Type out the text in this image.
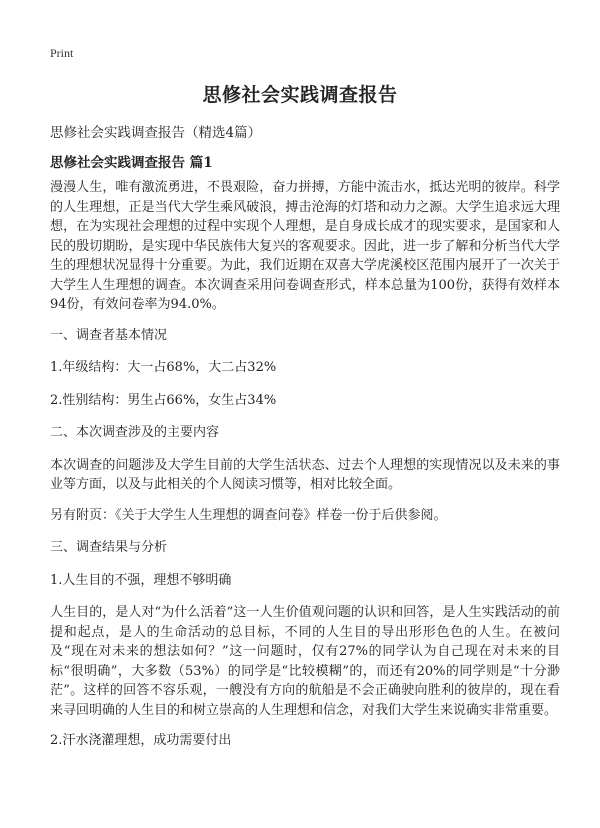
Print
思修社会实践调查报告
思修社会实践调查报告（精选4篇）
思修社会实践调查报告 篇1

漫漫人生，唯有激流勇进，不畏艰险，奋力拼搏，方能中流击水，抵达光明的彼岸。科学的人生理想，正是当代大学生乘风破浪，搏击沧海的灯塔和动力之源。大学生追求远大理想，在为实现社会理想的过程中实现个人理想，是自身成长成才的现实要求，是国家和人民的殷切期盼，是实现中华民族伟大复兴的客观要求。因此，进一步了解和分析当代大学生的理想状况显得十分重要。为此，我们近期在双喜大学虎溪校区范围内展开了一次关于大学生人生理想的调查。本次调查采用问卷调查形式，样本总量为100份，获得有效样本94份，有效问卷率为94.0%。

一、调查者基本情况

1.年级结构：大一占68%，大二占32%

2.性别结构：男生占66%，女生占34%

二、本次调查涉及的主要内容

本次调查的问题涉及大学生目前的大学生活状态、过去个人理想的实现情况以及未来的事业等方面，以及与此相关的个人阅读习惯等，相对比较全面。

另有附页：《关于大学生人生理想的调查问卷》样卷一份于后供参阅。

三、调查结果与分析

1.人生目的不强，理想不够明确

人生目的，是人对“为什么活着”这一人生价值观问题的认识和回答，是人生实践活动的前提和起点，是人的生命活动的总目标，不同的人生目的导出形形色色的人生。在被问及“现在对未来的想法如何？”这一问题时，仅有27%的同学认为自己现在对未来的目标“很明确”，大多数（53%）的同学是“比较模糊”的，而还有20%的同学则是“十分渺茫”。这样的回答不容乐观，一艘没有方向的航船是不会正确驶向胜利的彼岸的，现在看来寻回明确的人生目的和树立崇高的人生理想和信念，对我们大学生来说确实非常重要。

2.汗水浇灌理想，成功需要付出
